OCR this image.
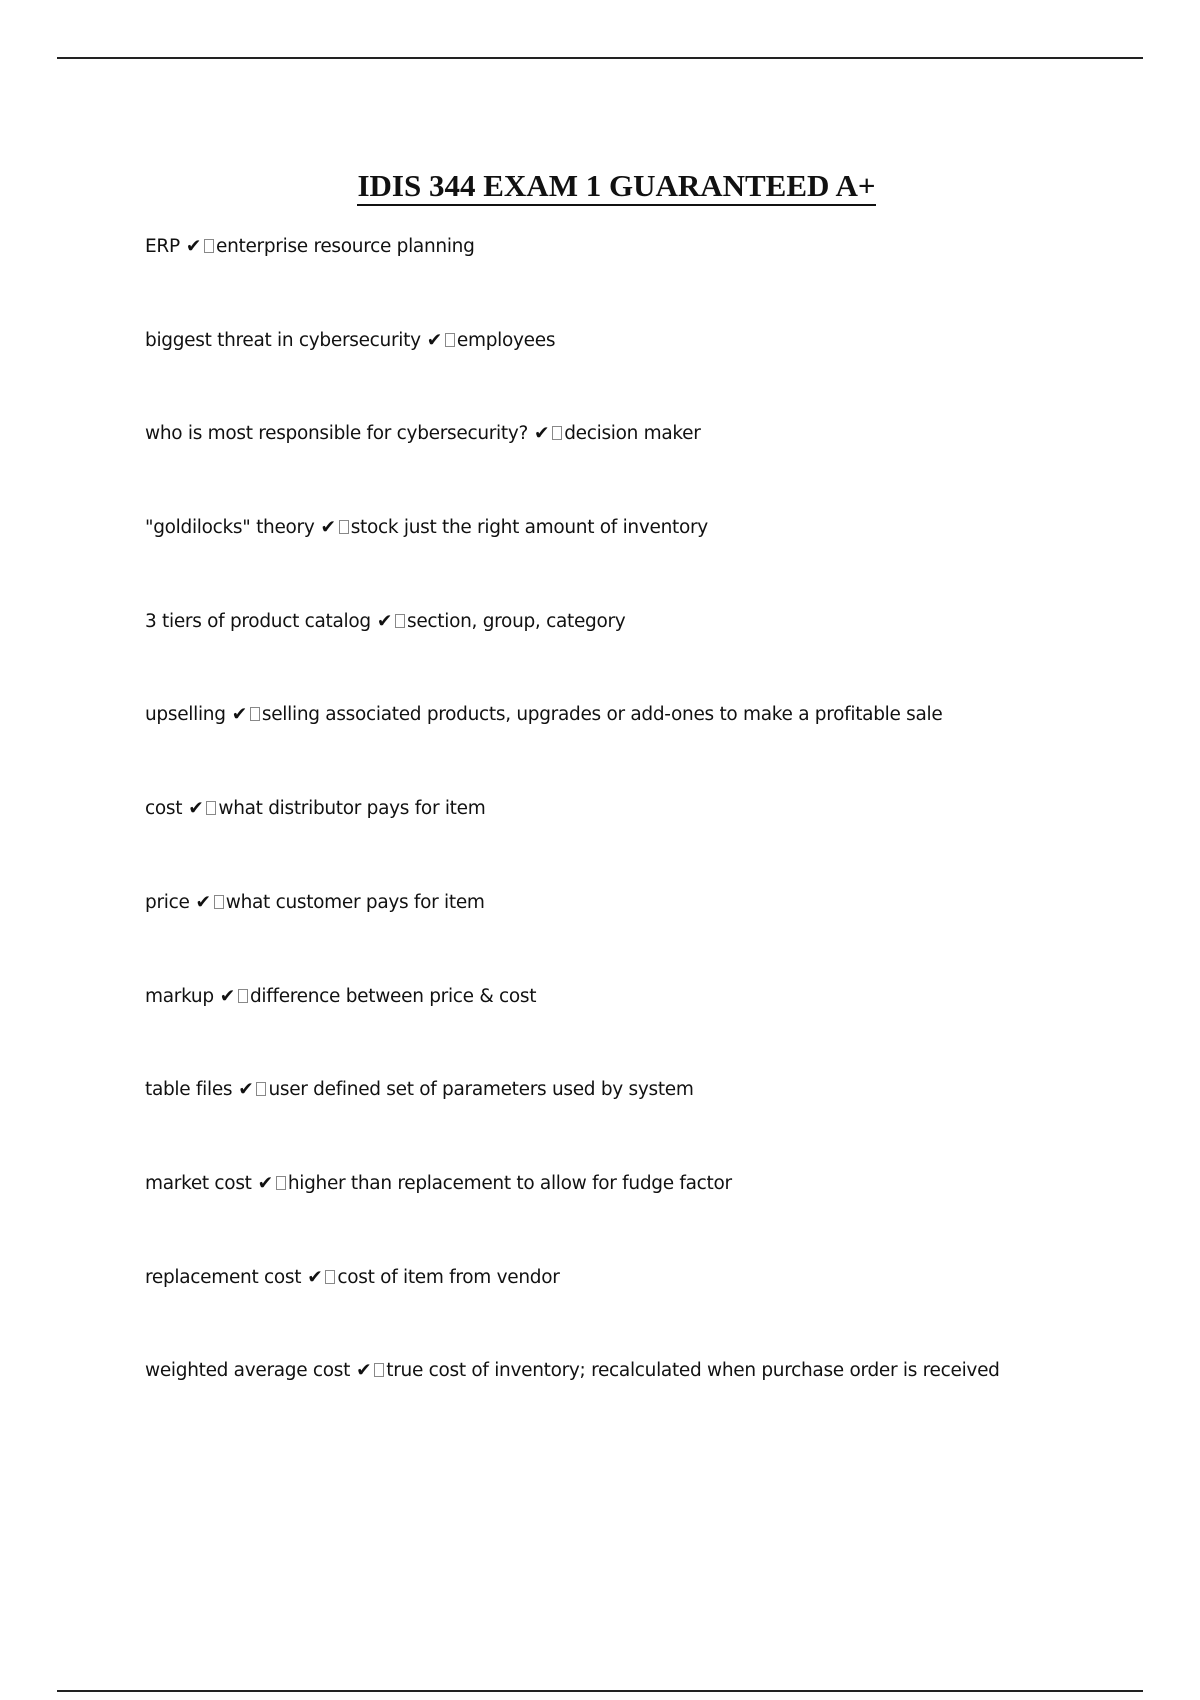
IDIS 344 EXAM 1 GUARANTEED A+
ERP ✔ enterprise resource planning
biggest threat in cybersecurity ✔ employees
who is most responsible for cybersecurity? ✔ decision maker
"goldilocks" theory ✔ stock just the right amount of inventory
3 tiers of product catalog ✔ section, group, category
upselling ✔ selling associated products, upgrades or add-ones to make a profitable sale
cost ✔ what distributor pays for item
price ✔ what customer pays for item
markup ✔ difference between price & cost
table files ✔ user defined set of parameters used by system
market cost ✔ higher than replacement to allow for fudge factor
replacement cost ✔ cost of item from vendor
weighted average cost ✔ true cost of inventory; recalculated when purchase order is received
